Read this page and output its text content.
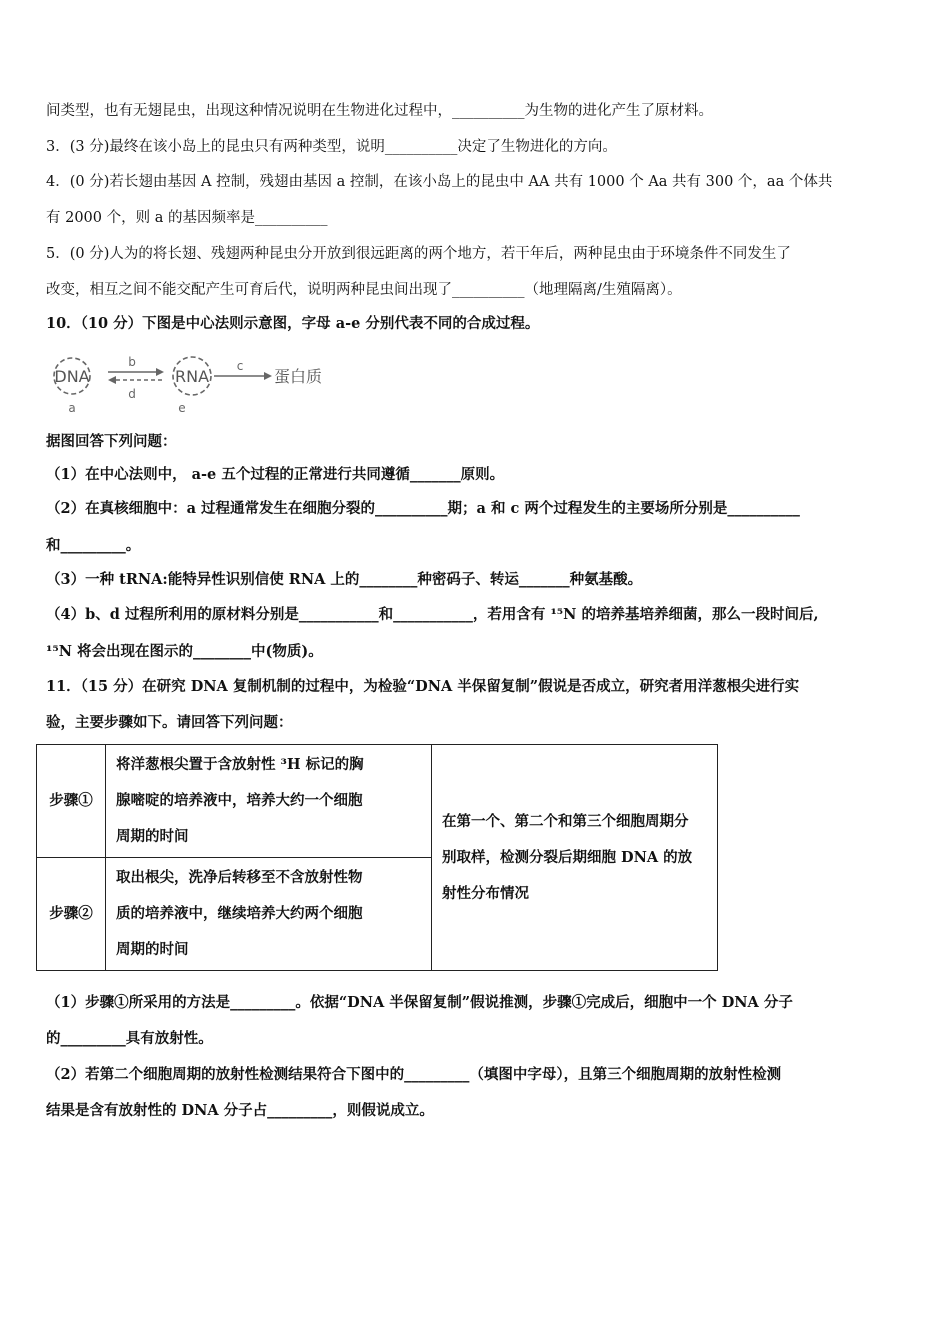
间类型，也有无翅昆虫，出现这种情况说明在生物进化过程中，__________为生物的进化产生了原材料。
3．(3 分)最终在该小岛上的昆虫只有两种类型，说明__________决定了生物进化的方向。
4．(0 分)若长翅由基因 A 控制，残翅由基因 a 控制，在该小岛上的昆虫中 AA 共有 1000 个 Aa 共有 300 个，aa 个体共
有 2000 个，则 a 的基因频率是__________
5．(0 分)人为的将长翅、残翅两种昆虫分开放到很远距离的两个地方，若干年后，两种昆虫由于环境条件不同发生了
改变，相互之间不能交配产生可育后代，说明两种昆虫间出现了__________（地理隔离/生殖隔离）。
10．（10 分）下图是中心法则示意图，字母 a-e 分别代表不同的合成过程。
DNA
a
b
d
RNA
e
c
蛋白质
据图回答下列问题：
（1）在中心法则中， a-e 五个过程的正常进行共同遵循_______原则。
（2）在真核细胞中：a 过程通常发生在细胞分裂的__________期；a 和 c 两个过程发生的主要场所分别是__________
和_________。
（3）一种 tRNA:能特异性识别信使 RNA 上的________种密码子、转运_______种氨基酸。
（4）b、d 过程所利用的原材料分别是___________和___________，若用含有 ¹⁵N 的培养基培养细菌，那么一段时间后,
¹⁵N 将会出现在图示的________中(物质)。
11．（15 分）在研究 DNA 复制机制的过程中，为检验“DNA 半保留复制”假说是否成立，研究者用洋葱根尖进行实
验，主要步骤如下。请回答下列问题：
步骤①	将洋葱根尖置于含放射性 ³H 标记的胸
腺嘧啶的培养液中，培养大约一个细胞
周期的时间	在第一个、第二个和第三个细胞周期分
别取样，检测分裂后期细胞 DNA 的放
射性分布情况

步骤②	取出根尖，洗净后转移至不含放射性物
质的培养液中，继续培养大约两个细胞
周期的时间	
（1）步骤①所采用的方法是_________。依据“DNA 半保留复制”假说推测，步骤①完成后，细胞中一个 DNA 分子
的_________具有放射性。
（2）若第二个细胞周期的放射性检测结果符合下图中的_________（填图中字母），且第三个细胞周期的放射性检测
结果是含有放射性的 DNA 分子占_________，则假说成立。
